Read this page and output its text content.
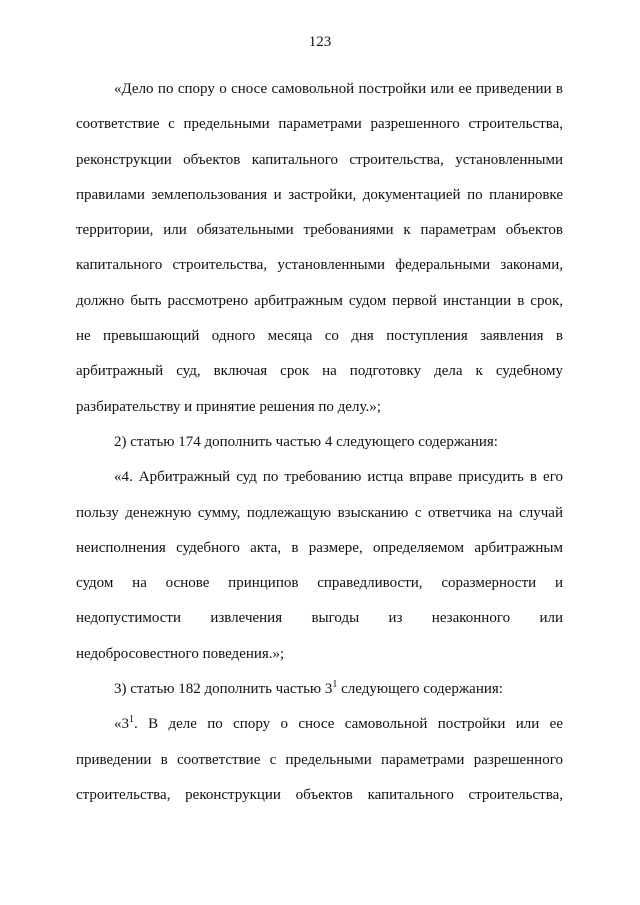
123
«Дело по спору о сносе самовольной постройки или ее приведении в
соответствие с предельными параметрами разрешенного строительства,
реконструкции объектов капитального строительства, установленными
правилами землепользования и застройки, документацией по планировке
территории, или обязательными требованиями к параметрам объектов
капитального строительства, установленными федеральными законами,
должно быть рассмотрено арбитражным судом первой инстанции в срок,
не превышающий одного месяца со дня поступления заявления в
арбитражный суд, включая срок на подготовку дела к судебному
разбирательству и принятие решения по делу.»;
2) статью 174 дополнить частью 4 следующего содержания:
«4. Арбитражный суд по требованию истца вправе присудить в его
пользу денежную сумму, подлежащую взысканию с ответчика на случай
неисполнения судебного акта, в размере, определяемом арбитражным
судом на основе принципов справедливости, соразмерности и
недопустимости извлечения выгоды из незаконного или
недобросовестного поведения.»;
3) статью 182 дополнить частью $3^1$ следующего содержания:
«$3^1$. В деле по спору о сносе самовольной постройки или ее
приведении в соответствие с предельными параметрами разрешенного
строительства, реконструкции объектов капитального строительства,
